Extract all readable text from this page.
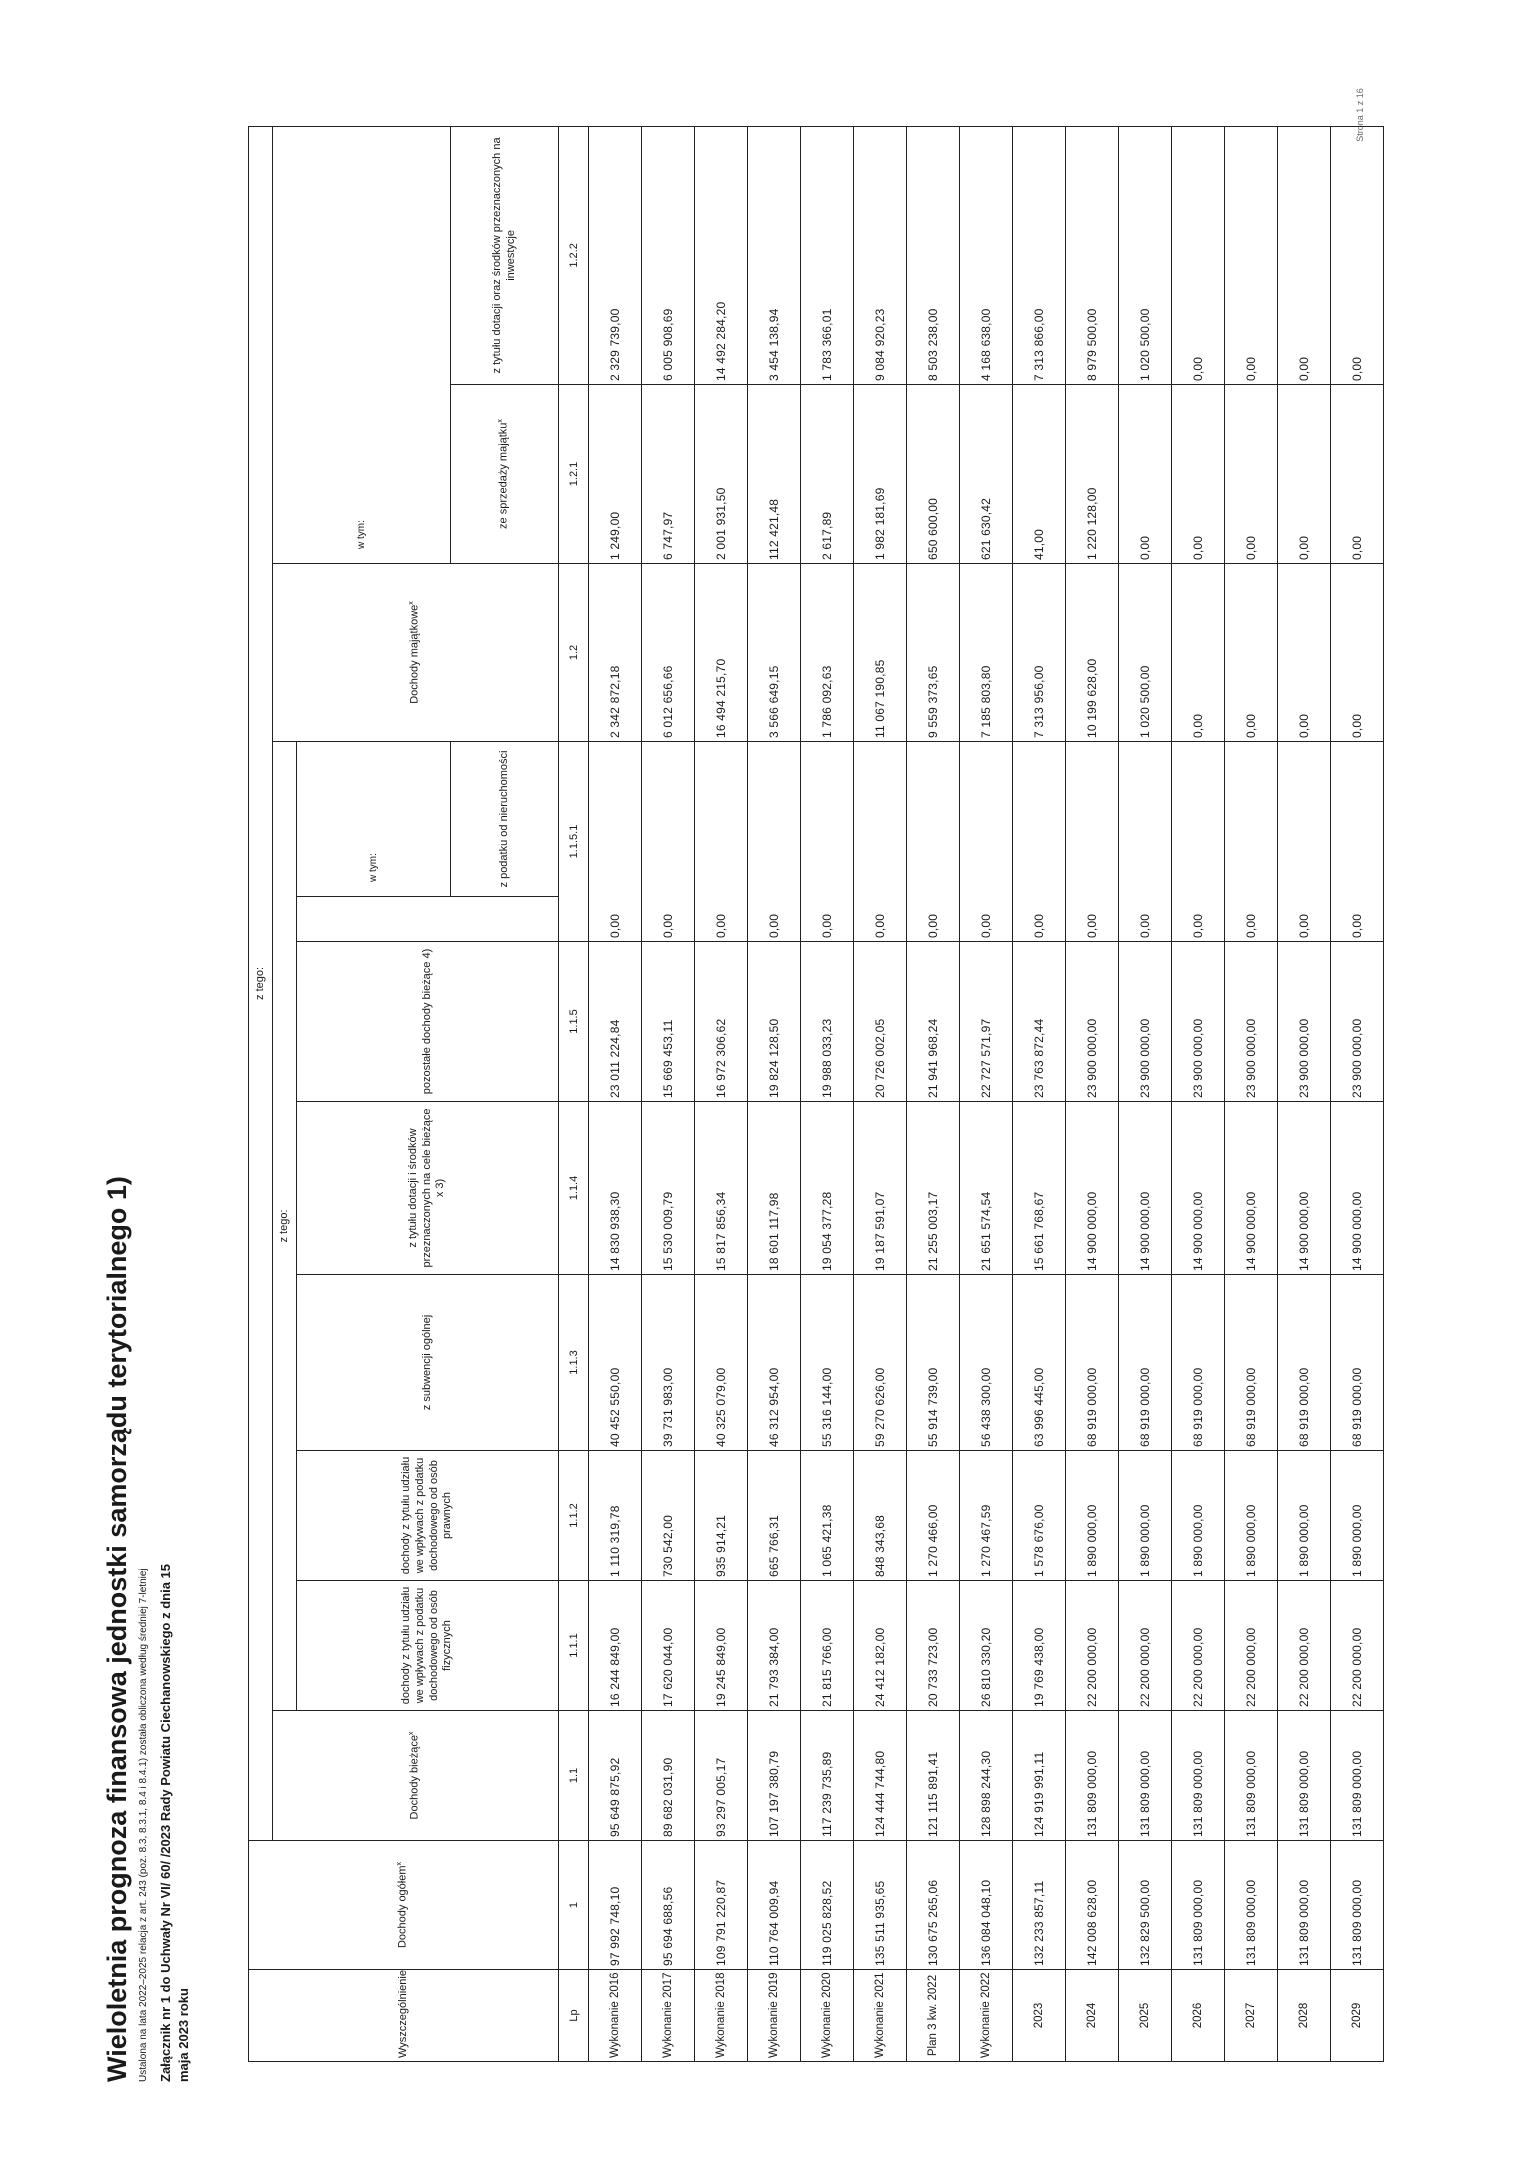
Strona 1 z 16
Wieloletnia prognoza finansowa jednostki samorządu terytorialnego 1) Ustalona na lata 2022–2025 relacja z art. 243 (poz. 8.3, 8.3.1, 8.4 i 8.4.1) została obliczona według średniej 7-letniej Załącznik nr 1 do Uchwały Nr VI/ 60/ /2023 Rady Powiatu Ciechanowskiego z dnia 15 maja 2023 roku	Wyszczególnienie	Dochody ogółem$^x$	z tego:										
		Dochody bieżące$^x$	z tego:							Dochody majątkowe$^x$	w tym:	
			dochody z tytułu udziału we wpływach z podatku dochodowego od osób fizycznych	dochody z tytułu udziału we wpływach z podatku dochodowego od osób prawnych	z subwencji ogólnej	z tytułu dotacji i środków przeznaczonych na cele bieżące x 3)	pozostałe dochody bieżące 4)		w tym:			
									z podatku od nieruchomości		ze sprzedaży majątku$^x$	z tytułu dotacji oraz środków przeznaczonych na inwestycje

Lp	1	1.1	1.1.1	1.1.2	1.1.3	1.1.4	1.1.5	1.1.5.1		1.2	1.2.1	1.2.2
Wykonanie 2016	97 992 748,10	95 649 875,92	16 244 849,00	1 110 319,78	40 452 550,00	14 830 938,30	23 011 224,84	0,00		2 342 872,18	1 249,00	2 329 739,00
Wykonanie 2017	95 694 688,56	89 682 031,90	17 620 044,00	730 542,00	39 731 983,00	15 530 009,79	15 669 453,11	0,00		6 012 656,66	6 747,97	6 005 908,69
Wykonanie 2018	109 791 220,87	93 297 005,17	19 245 849,00	935 914,21	40 325 079,00	15 817 856,34	16 972 306,62	0,00		16 494 215,70	2 001 931,50	14 492 284,20
Wykonanie 2019	110 764 009,94	107 197 380,79	21 793 384,00	665 766,31	46 312 954,00	18 601 117,98	19 824 128,50	0,00		3 566 649,15	112 421,48	3 454 138,94
Wykonanie 2020	119 025 828,52	117 239 735,89	21 815 766,00	1 065 421,38	55 316 144,00	19 054 377,28	19 988 033,23	0,00		1 786 092,63	2 617,89	1 783 366,01
Wykonanie 2021	135 511 935,65	124 444 744,80	24 412 182,00	848 343,68	59 270 626,00	19 187 591,07	20 726 002,05	0,00		11 067 190,85	1 982 181,69	9 084 920,23
Plan 3 kw. 2022	130 675 265,06	121 115 891,41	20 733 723,00	1 270 466,00	55 914 739,00	21 255 003,17	21 941 968,24	0,00		9 559 373,65	650 600,00	8 503 238,00
Wykonanie 2022	136 084 048,10	128 898 244,30	26 810 330,20	1 270 467,59	56 438 300,00	21 651 574,54	22 727 571,97	0,00		7 185 803,80	621 630,42	4 168 638,00
2023	132 233 857,11	124 919 991,11	19 769 438,00	1 578 676,00	63 996 445,00	15 661 768,67	23 763 872,44	0,00		7 313 956,00	41,00	7 313 866,00
2024	142 008 628,00	131 809 000,00	22 200 000,00	1 890 000,00	68 919 000,00	14 900 000,00	23 900 000,00	0,00		10 199 628,00	1 220 128,00	8 979 500,00
2025	132 829 500,00	131 809 000,00	22 200 000,00	1 890 000,00	68 919 000,00	14 900 000,00	23 900 000,00	0,00		1 020 500,00	0,00	1 020 500,00
2026	131 809 000,00	131 809 000,00	22 200 000,00	1 890 000,00	68 919 000,00	14 900 000,00	23 900 000,00	0,00		0,00	0,00	0,00
2027	131 809 000,00	131 809 000,00	22 200 000,00	1 890 000,00	68 919 000,00	14 900 000,00	23 900 000,00	0,00		0,00	0,00	0,00
2028	131 809 000,00	131 809 000,00	22 200 000,00	1 890 000,00	68 919 000,00	14 900 000,00	23 900 000,00	0,00		0,00	0,00	0,00
2029	131 809 000,00	131 809 000,00	22 200 000,00	1 890 000,00	68 919 000,00	14 900 000,00	23 900 000,00	0,00		0,00	0,00	0,00
